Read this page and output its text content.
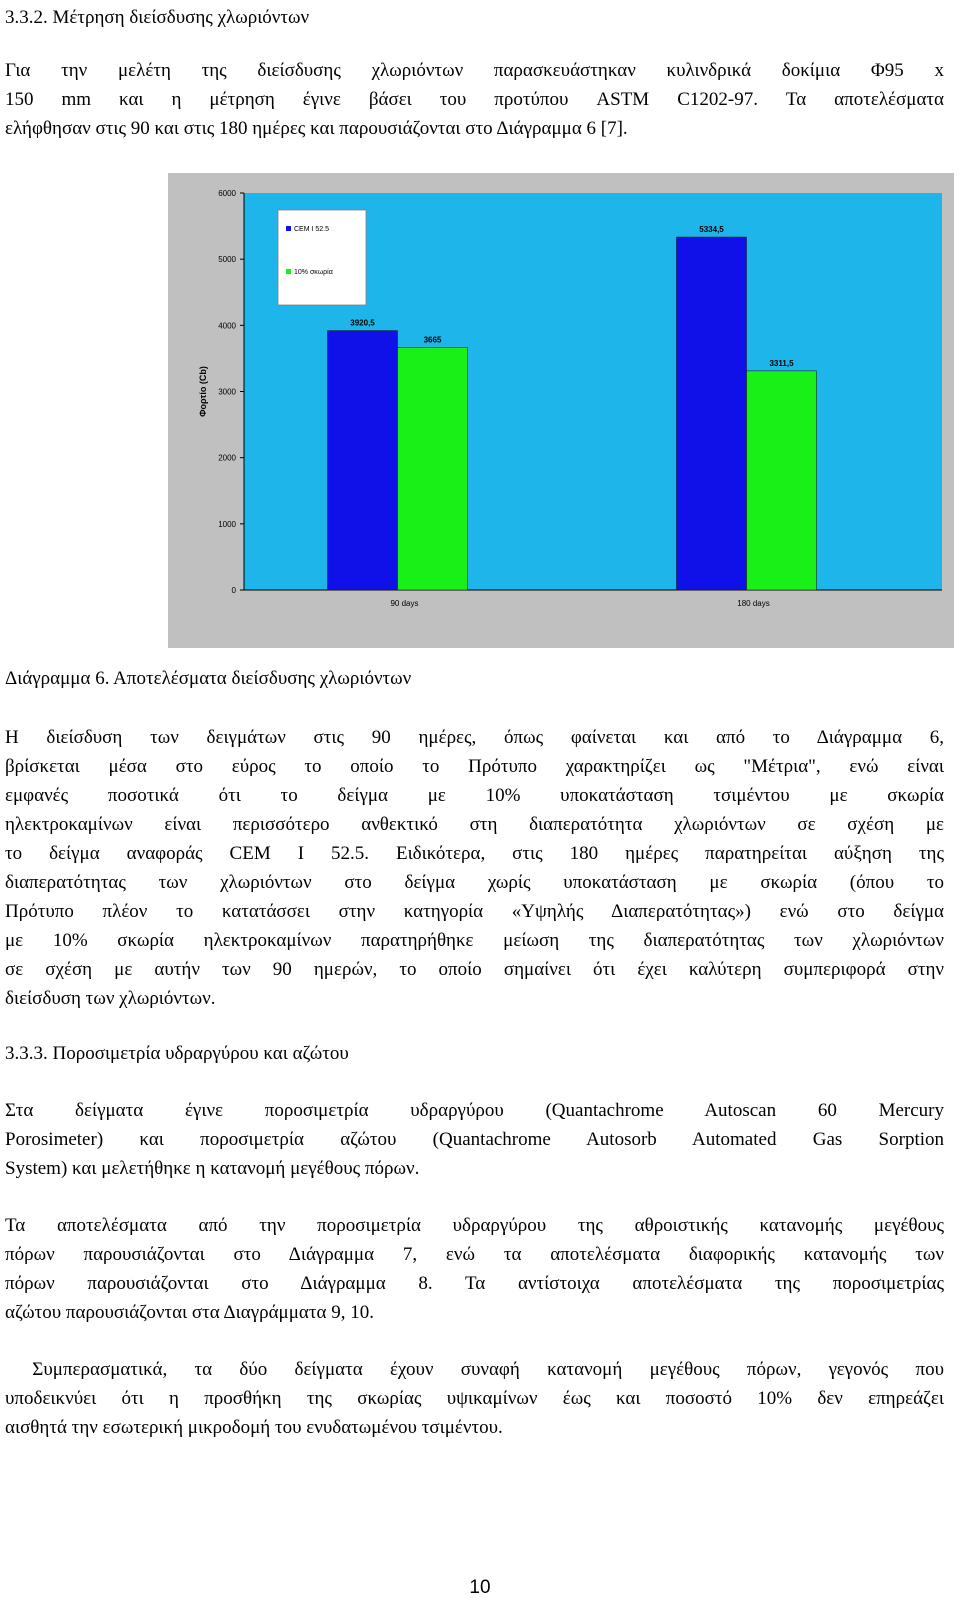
3.3.2. Μέτρηση διείσδυσης χλωριόντων

Για την μελέτη της διείσδυσης χλωριόντων παρασκευάστηκαν κυλινδρικά δοκίμια Φ95 x

150 mm και η μέτρηση έγινε βάσει του προτύπου ASTM C1202-97. Τα αποτελέσματα

ελήφθησαν στις 90 και στις 180 ημέρες και παρουσιάζονται στο Διάγραμμα 6 [7].

0
1000
2000
3000
4000
5000
6000
Φορτίο (Cb)
3920,5
3665
90 days
5334,5
3311,5
180 days
CEM I 52.5
10% σκωρία

Διάγραμμα 6. Αποτελέσματα διείσδυσης χλωριόντων

Η διείσδυση των δειγμάτων στις 90 ημέρες, όπως φαίνεται και από το Διάγραμμα 6,

βρίσκεται μέσα στο εύρος το οποίο το Πρότυπο χαρακτηρίζει ως "Μέτρια", ενώ είναι

εμφανές ποσοτικά ότι το δείγμα με 10% υποκατάσταση τσιμέντου με σκωρία

ηλεκτροκαμίνων είναι περισσότερο ανθεκτικό στη διαπερατότητα χλωριόντων σε σχέση με

το δείγμα αναφοράς CEM I 52.5. Ειδικότερα, στις 180 ημέρες παρατηρείται αύξηση της

διαπερατότητας των χλωριόντων στο δείγμα χωρίς υποκατάσταση με σκωρία (όπου το

Πρότυπο πλέον το κατατάσσει στην κατηγορία «Υψηλής Διαπερατότητας») ενώ στο δείγμα

με 10% σκωρία ηλεκτροκαμίνων παρατηρήθηκε μείωση της διαπερατότητας των χλωριόντων

σε σχέση με αυτήν των 90 ημερών, το οποίο σημαίνει ότι έχει καλύτερη συμπεριφορά στην

διείσδυση των χλωριόντων.

3.3.3. Πορoσιμετρία υδραργύρου και αζώτου

Στα δείγματα έγινε πορoσιμετρία υδραργύρου (Quantachrome Autoscan 60 Mercury

Porosimeter) και πορoσιμετρία αζώτου (Quantachrome Autosorb Automated Gas Sorption

System) και μελετήθηκε η κατανομή μεγέθους πόρων.

Τα αποτελέσματα από την πορoσιμετρία υδραργύρου της αθροιστικής κατανομής μεγέθους

πόρων παρουσιάζονται στο Διάγραμμα 7, ενώ τα αποτελέσματα διαφορικής κατανομής των

πόρων παρουσιάζονται στο Διάγραμμα 8. Τα αντίστοιχα αποτελέσματα της πορoσιμετρίας

αζώτου παρουσιάζονται στα Διαγράμματα 9, 10.

Συμπερασματικά, τα δύο δείγματα έχουν συναφή κατανομή μεγέθους πόρων, γεγονός που

υποδεικνύει ότι η προσθήκη της σκωρίας υψικαμίνων έως και ποσοστό 10% δεν επηρεάζει

αισθητά την εσωτερική μικροδομή του ενυδατωμένου τσιμέντου.

10
